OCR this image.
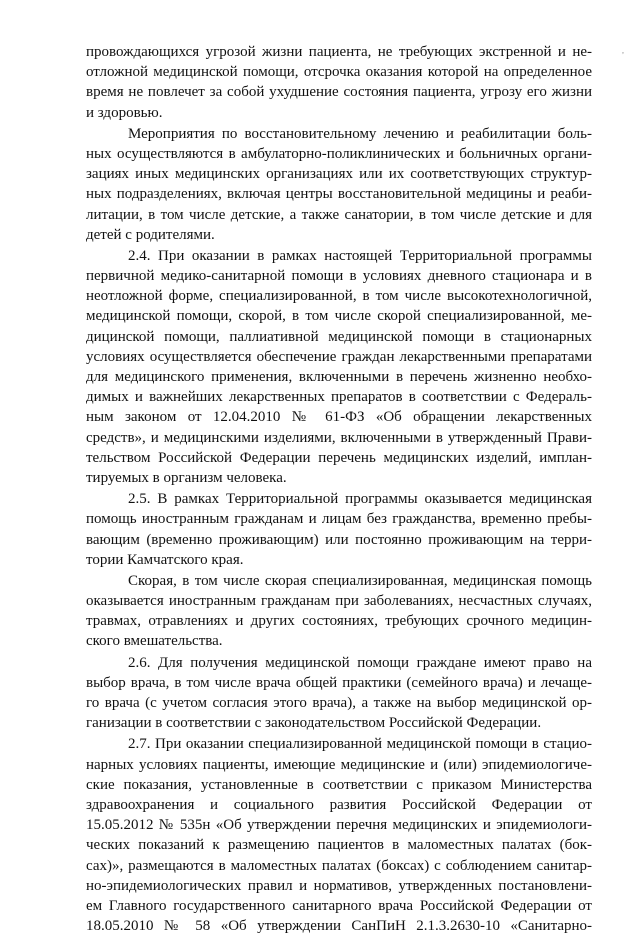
провождающихся угрозой жизни пациента, не требующих экстренной и не-
отложной медицинской помощи, отсрочка оказания которой на определенное
время не повлечет за собой ухудшение состояния пациента, угрозу его жизни
и здоровью.
Мероприятия по восстановительному лечению и реабилитации боль-
ных осуществляются в амбулаторно-поликлинических и больничных органи-
зациях иных медицинских организациях или их соответствующих структур-
ных подразделениях, включая центры восстановительной медицины и реаби-
литации, в том числе детские, а также санатории, в том числе детские и для
детей с родителями.
2.4. При оказании в рамках настоящей Территориальной программы
первичной медико-санитарной помощи в условиях дневного стационара и в
неотложной форме, специализированной, в том числе высокотехнологичной,
медицинской помощи, скорой, в том числе скорой специализированной, ме-
дицинской помощи, паллиативной медицинской помощи в стационарных
условиях осуществляется обеспечение граждан лекарственными препаратами
для медицинского применения, включенными в перечень жизненно необхо-
димых и важнейших лекарственных препаратов в соответствии с Федераль-
ным законом от 12.04.2010 № 61-ФЗ «Об обращении лекарственных
средств», и медицинскими изделиями, включенными в утвержденный Прави-
тельством Российской Федерации перечень медицинских изделий, имплан-
тируемых в организм человека.
2.5. В рамках Территориальной программы оказывается медицинская
помощь иностранным гражданам и лицам без гражданства, временно пребы-
вающим (временно проживающим) или постоянно проживающим на терри-
тории Камчатского края.
Скорая, в том числе скорая специализированная, медицинская помощь
оказывается иностранным гражданам при заболеваниях, несчастных случаях,
травмах, отравлениях и других состояниях, требующих срочного медицин-
ского вмешательства.
2.6. Для получения медицинской помощи граждане имеют право на
выбор врача, в том числе врача общей практики (семейного врача) и лечаще-
го врача (с учетом согласия этого врача), а также на выбор медицинской ор-
ганизации в соответствии с законодательством Российской Федерации.
2.7. При оказании специализированной медицинской помощи в стацио-
нарных условиях пациенты, имеющие медицинские и (или) эпидемиологиче-
ские показания, установленные в соответствии с приказом Министерства
здравоохранения и социального развития Российской Федерации от
15.05.2012 № 535н «Об утверждении перечня медицинских и эпидемиологи-
ческих показаний к размещению пациентов в маломестных палатах (бок-
сах)», размещаются в маломестных палатах (боксах) с соблюдением санитар-
но-эпидемиологических правил и нормативов, утвержденных постановлени-
ем Главного государственного санитарного врача Российской Федерации от
18.05.2010 № 58 «Об утверждении СанПиН 2.1.3.2630-10 «Санитарно-
,
